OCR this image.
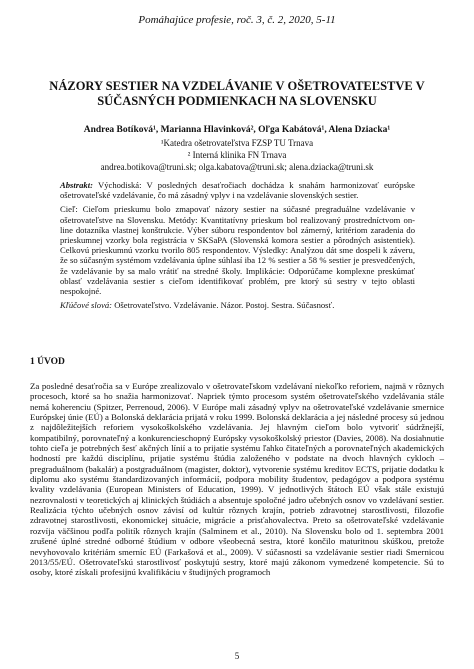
Pomáhajúce profesie, roč. 3, č. 2, 2020, 5-11
NÁZORY SESTIER NA VZDELÁVANIE V OŠETROVATEĽSTVE V SÚČASNÝCH PODMIENKACH NA SLOVENSKU
Andrea Botíková¹, Marianna Hlavinková², Oľga Kabátová¹, Alena Dziacka¹
¹Katedra ošetrovateľstva FZSP TU Trnava
² Interná klinika FN Trnava
andrea.botikova@truni.sk; olga.kabatova@truni.sk; alena.dziacka@truni.sk

Abstrakt: Východiská: V posledných desaťročiach dochádza k snahám harmonizovať európske ošetrovateľské vzdelávanie, čo má zásadný vplyv i na vzdelávanie slovenských sestier.

Cieľ: Cieľom prieskumu bolo zmapovať názory sestier na súčasné pregraduálne vzdelávanie v ošetrovateľstve na Slovensku. Metódy: Kvantitatívny prieskum bol realizovaný prostredníctvom on-line dotazníka vlastnej konštrukcie. Výber súboru respondentov bol zámerný, kritériom zaradenia do prieskumnej vzorky bola registrácia v SKSaPA (Slovenská komora sestier a pôrodných asistentiek). Celkovú prieskumnú vzorku tvorilo 805 respondentov. Výsledky: Analýzou dát sme dospeli k záveru, že so súčasným systémom vzdelávania úplne súhlasí iba 12 % sestier a 58 % sestier je presvedčených, že vzdelávanie by sa malo vrátiť na stredné školy. Implikácie: Odporúčame komplexne preskúmať oblasť vzdelávania sestier s cieľom identifikovať problém, pre ktorý sú sestry v tejto oblasti nespokojné.

Kľúčové slová: Ošetrovateľstvo. Vzdelávanie. Názor. Postoj. Sestra. Súčasnosť.
1 ÚVOD
Za posledné desaťročia sa v Európe zrealizovalo v ošetrovateľskom vzdelávaní niekoľko reforiem, najmä v rôznych procesoch, ktoré sa ho snažia harmonizovať. Napriek týmto procesom systém ošetrovateľského vzdelávania stále nemá koherenciu (Spitzer, Perrenoud, 2006). V Európe mali zásadný vplyv na ošetrovateľské vzdelávanie smernice Európskej únie (EÚ) a Bolonská deklarácia prijatá v roku 1999. Bolonská deklarácia a jej následné procesy sú jednou z najdôležitejších reforiem vysokoškolského vzdelávania. Jej hlavným cieľom bolo vytvoriť súdržnejší, kompatibilný, porovnateľný a konkurencieschopný Európsky vysokoškolský priestor (Davies, 2008). Na dosiahnutie tohto cieľa je potrebných šesť akčných línií a to prijatie systému ľahko čitateľných a porovnateľných akademických hodností pre každú disciplínu, prijatie systému štúdia založeného v podstate na dvoch hlavných cykloch – pregraduálnom (bakalár) a postgraduálnom (magister, doktor), vytvorenie systému kreditov ECTS, prijatie dodatku k diplomu ako systému štandardizovaných informácií, podpora mobility študentov, pedagógov a podpora systému kvality vzdelávania (European Ministers of Education, 1999). V jednotlivých štátoch EÚ však stále existujú nezrovnalosti v teoretických aj klinických štúdiách a absentuje spoločné jadro učebných osnov vo vzdelávaní sestier. Realizácia týchto učebných osnov závisí od kultúr rôznych krajín, potrieb zdravotnej starostlivosti, filozofie zdravotnej starostlivosti, ekonomickej situácie, migrácie a prisťahovalectva. Preto sa ošetrovateľské vzdelávanie rozvíja väčšinou podľa politík rôznych krajín (Salminem et al., 2010). Na Slovensku bolo od 1. septembra 2001 zrušené úplné stredné odborné štúdium v odbore všeobecná sestra, ktoré končilo maturitnou skúškou, pretože nevyhovovalo kritériám smerníc EÚ (Farkašová et al., 2009). V súčasnosti sa vzdelávanie sestier riadi Smernicou 2013/55/EÚ. Ošetrovateľskú starostlivosť poskytujú sestry, ktoré majú zákonom vymedzené kompetencie. Sú to osoby, ktoré získali profesijnú kvalifikáciu v študijných programoch
5
